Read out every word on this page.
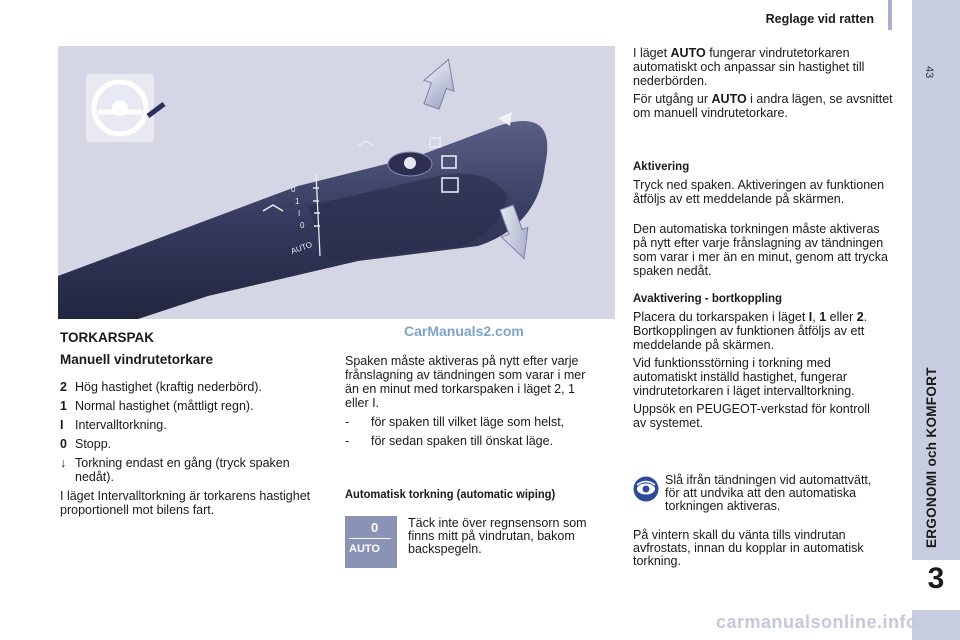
Reglage vid ratten
43
ERGONOMI och KOMFORT
3
0
1
I
0
AUTO
CarManuals2.com
TORKARSPAK
Manuell vindrutetorkare
2 Hög hastighet (kraftig nederbörd).
1 Normal hastighet (måttligt regn).
I Intervalltorkning.
0 Stopp.
↓ Torkning endast en gång (tryck spaken nedåt).

I läget Intervalltorkning är torkarens hastighet proportionell mot bilens fart.

Spaken måste aktiveras på nytt efter varje frånslagning av tändningen som varar i mer än en minut med torkarspaken i läget 2, 1 eller I.

-	för spaken till vilket läge som helst,
-	för sedan spaken till önskat läge.
Automatisk torkning (automatic wiping)
0
AUTO
Täck inte över regnsensorn som finns mitt på vindrutan, bakom backspegeln.

I läget AUTO fungerar vindrutetorkaren automatiskt och anpassar sin hastighet till nederbörden.

För utgång ur AUTO i andra lägen, se avsnittet om manuell vindrutetorkare.

Aktivering

Tryck ned spaken. Aktiveringen av funktionen åtföljs av ett meddelande på skärmen.

Den automatiska torkningen måste aktiveras på nytt efter varje frånslagning av tändningen som varar i mer än en minut, genom att trycka spaken nedåt.

Avaktivering - bortkoppling

Placera du torkarspaken i läget I, 1 eller 2. Bortkopplingen av funktionen åtföljs av ett meddelande på skärmen.

Vid funktionsstörning i torkning med automatiskt inställd hastighet, fungerar vindrutetorkaren i läget intervalltorkning.

Uppsök en PEUGEOT-verkstad för kontroll av systemet.

Slå ifrån tändningen vid automattvätt, för att undvika att den automatiska torkningen aktiveras.
På vintern skall du vänta tills vindrutan avfrostats, innan du kopplar in automatisk torkning.
carmanualsonline.info
